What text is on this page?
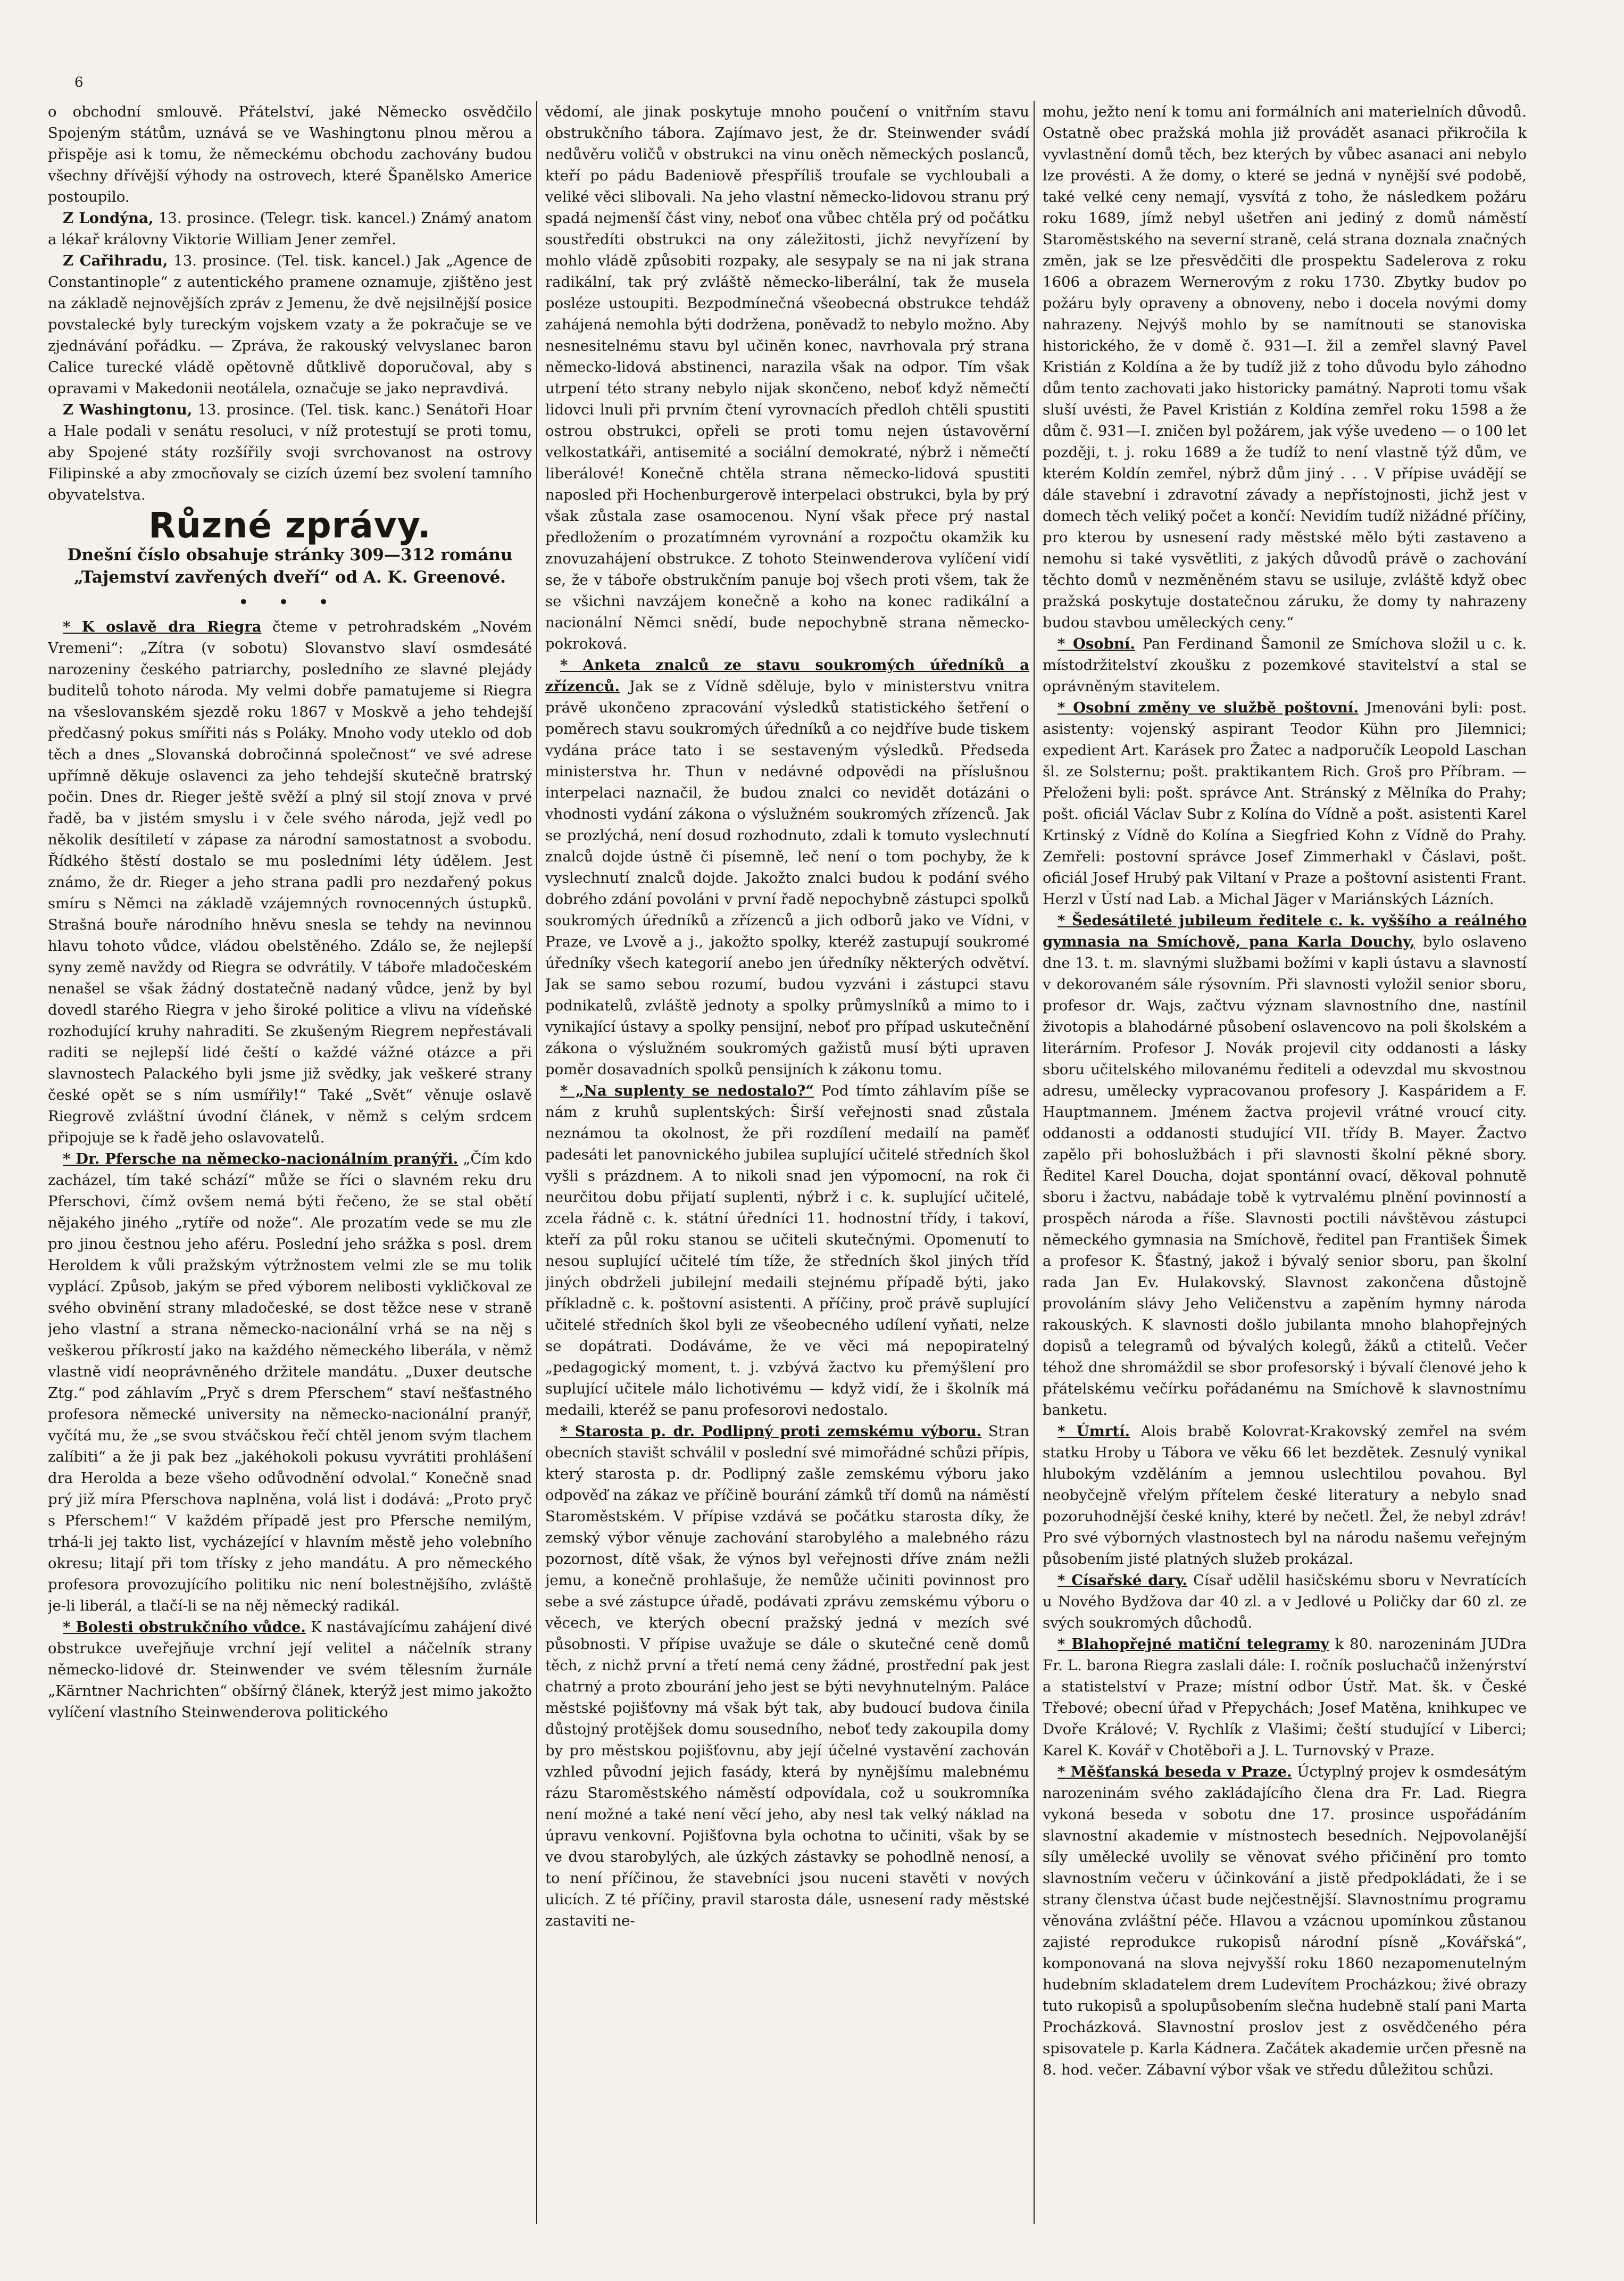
6

o obchodní smlouvě. Přátelství, jaké Německo osvědčilo Spojeným státům, uznává se ve Washingtonu plnou měrou a přispěje asi k tomu, že německému obchodu zachovány budou všechny dřívější výhody na ostrovech, které Španělsko Americe postoupilo.

Z Londýna, 13. prosince. (Telegr. tisk. kancel.) Známý anatom a lékař královny Viktorie William Jener zemřel.

Z Cařihradu, 13. prosince. (Tel. tisk. kancel.) Jak „Agence de Constantinople“ z autentického pramene oznamuje, zjištěno jest na základě nejnovějších zpráv z Jemenu, že dvě nejsilnější posice povstalecké byly tureckým vojskem vzaty a že pokračuje se ve zjednávání pořádku. — Zpráva, že rakouský velvyslanec baron Calice turecké vládě opětovně důtklivě doporučoval, aby s opravami v Makedonii neotálela, označuje se jako nepravdivá.

Z Washingtonu, 13. prosince. (Tel. tisk. kanc.) Senátoři Hoar a Hale podali v senátu resoluci, v níž protestují se proti tomu, aby Spojené státy rozšířily svoji svrchovanost na ostrovy Filipinské a aby zmocňovaly se cizích území bez svolení tamního obyvatelstva.

Různé zprávy.

Dnešní číslo obsahuje stránky 309—312 románu „Tajemství zavřených dveří“ od A. K. Greenové.

• • •

* K oslavě dra Riegra čteme v petrohradském „Novém Vremeni“: „Zítra (v sobotu) Slovanstvo slaví osmdesáté narozeniny českého patriarchy, posledního ze slavné plejády buditelů tohoto národa. My velmi dobře pamatujeme si Riegra na všeslovanském sjezdě roku 1867 v Moskvě a jeho tehdejší předčasný pokus smířiti nás s Poláky. Mnoho vody uteklo od dob těch a dnes „Slovanská dobročinná společnost“ ve své adrese upřímně děkuje oslavenci za jeho tehdejší skutečně bratrský počin. Dnes dr. Rieger ještě svěží a plný sil stojí znova v prvé řadě, ba v jistém smyslu i v čele svého národa, jejž vedl po několik desítiletí v zápase za národní samostatnost a svobodu. Řídkého štěstí dostalo se mu posledními léty údělem. Jest známo, že dr. Rieger a jeho strana padli pro nezdařený pokus smíru s Němci na základě vzájemných rovnocenných ústupků. Strašná bouře národního hněvu snesla se tehdy na nevinnou hlavu tohoto vůdce, vládou obelstěného. Zdálo se, že nejlepší syny země navždy od Riegra se odvrátily. V táboře mladočeském nenašel se však žádný dostatečně nadaný vůdce, jenž by byl dovedl starého Riegra v jeho široké politice a vlivu na vídeňské rozhodující kruhy nahraditi. Se zkušeným Riegrem nepřestávali raditi se nejlepší lidé čeští o každé vážné otázce a při slavnostech Palackého byli jsme již svědky, jak veškeré strany české opět se s ním usmířily!“ Také „Svět“ věnuje oslavě Riegrově zvláštní úvodní článek, v němž s celým srdcem připojuje se k řadě jeho oslavovatelů.

* Dr. Pfersche na německo-nacionálním pranýři. „Čím kdo zacházel, tím také schází“ může se říci o slavném reku dru Pferschovi, čímž ovšem nemá býti řečeno, že se stal obětí nějakého jiného „rytíře od nože“. Ale prozatím vede se mu zle pro jinou čestnou jeho aféru. Poslední jeho srážka s posl. drem Heroldem k vůli pražským výtržnostem velmi zle se mu tolik vyplácí. Způsob, jakým se před výborem nelibosti vykličkoval ze svého obvinění strany mladočeské, se dost těžce nese v straně jeho vlastní a strana německo-nacionální vrhá se na něj s veškerou příkrostí jako na každého německého liberála, v němž vlastně vidí neoprávněného držitele mandátu. „Duxer deutsche Ztg.“ pod záhlavím „Pryč s drem Pferschem“ staví nešťastného profesora německé university na německo-nacionální pranýř, vyčítá mu, že „se svou stváčskou řečí chtěl jenom svým tlachem zalíbiti“ a že ji pak bez „jakéhokoli pokusu vyvrátiti prohlášení dra Herolda a beze všeho odůvodnění odvolal.“ Konečně snad prý již míra Pferschova naplněna, volá list i dodává: „Proto pryč s Pferschem!“ V každém případě jest pro Pfersche nemilým, trhá-li jej takto list, vycházející v hlavním městě jeho volebního okresu; litají při tom třísky z jeho mandátu. A pro německého profesora provozujícího politiku nic není bolestnějšího, zvláště je-li liberál, a tlačí-li se na něj německý radikál.

* Bolesti obstrukčního vůdce. K nastávajícímu zahájení divé obstrukce uveřejňuje vrchní její velitel a náčelník strany německo-lidové dr. Steinwender ve svém tělesním žurnále „Kärntner Nachrichten“ obšírný článek, kterýž jest mimo jakožto vylíčení vlastního Steinwenderova politického

vědomí, ale jinak poskytuje mnoho poučení o vnitřním stavu obstrukčního tábora. Zajímavo jest, že dr. Steinwender svádí nedůvěru voličů v obstrukci na vinu oněch německých poslanců, kteří po pádu Badeniově přespříliš troufale se vychloubali a veliké věci slibovali. Na jeho vlastní německo-lidovou stranu prý spadá nejmenší část viny, neboť ona vůbec chtěla prý od počátku soustředíti obstrukci na ony záležitosti, jichž nevyřízení by mohlo vládě způsobiti rozpaky, ale sesypaly se na ni jak strana radikální, tak prý zvláště německo-liberální, tak že musela posléze ustoupiti. Bezpodmínečná všeobecná obstrukce tehdáž zahájená nemohla býti dodržena, poněvadž to nebylo možno. Aby nesnesitelnému stavu byl učiněn konec, navrhovala prý strana německo-lidová abstinenci, narazila však na odpor. Tím však utrpení této strany nebylo nijak skončeno, neboť když němečtí lidovci lnuli při prvním čtení vyrovnacích předloh chtěli spustiti ostrou obstrukci, opřeli se proti tomu nejen ústavověrní velkostatkáři, antisemité a sociální demokraté, nýbrž i němečtí liberálové! Konečně chtěla strana německo-lidová spustiti naposled při Hochenburgerově interpelaci obstrukci, byla by prý však zůstala zase osamocenou. Nyní však přece prý nastal předložením o prozatímném vyrovnání a rozpočtu okamžik ku znovuzahájení obstrukce. Z tohoto Steinwenderova vylíčení vidí se, že v táboře obstrukčním panuje boj všech proti všem, tak že se všichni navzájem konečně a koho na konec radikální a nacionální Němci snědí, bude nepochybně strana německo-pokroková.

* Anketa znalců ze stavu soukromých úředníků a zřízenců. Jak se z Vídně sděluje, bylo v ministerstvu vnitra právě ukončeno zpracování výsledků statistického šetření o poměrech stavu soukromých úředníků a co nejdříve bude tiskem vydána práce tato i se sestaveným výsledků. Předseda ministerstva hr. Thun v nedávné odpovědi na příslušnou interpelaci naznačil, že budou znalci co nevidět dotázáni o vhodnosti vydání zákona o výslužném soukromých zřízenců. Jak se prozlýchá, není dosud rozhodnuto, zdali k tomuto vyslechnutí znalců dojde ústně či písemně, leč není o tom pochyby, že k vyslechnutí znalců dojde. Jakožto znalci budou k podání svého dobrého zdání povoláni v první řadě nepochybně zástupci spolků soukromých úředníků a zřízenců a jich odborů jako ve Vídni, v Praze, ve Lvově a j., jakožto spolky, kteréž zastupují soukromé úředníky všech kategorií anebo jen úředníky některých odvětví. Jak se samo sebou rozumí, budou vyzváni i zástupci stavu podnikatelů, zvláště jednoty a spolky průmyslníků a mimo to i vynikající ústavy a spolky pensijní, neboť pro případ uskutečnění zákona o výslužném soukromých gažistů musí býti upraven poměr dosavadních spolků pensijních k zákonu tomu.

* „Na suplenty se nedostalo?“ Pod tímto záhlavím píše se nám z kruhů suplentských: Širší veřejnosti snad zůstala neznámou ta okolnost, že při rozdílení medailí na paměť padesáti let panovnického jubilea suplující učitelé středních škol vyšli s prázdnem. A to nikoli snad jen výpomocní, na rok či neurčitou dobu přijatí suplenti, nýbrž i c. k. suplující učitelé, zcela řádně c. k. státní úředníci 11. hodnostní třídy, i takoví, kteří za půl roku stanou se učiteli skutečnými. Opomenutí to nesou suplující učitelé tím tíže, že středních škol jiných tříd jiných obdrželi jubilejní medaili stejnému případě býti, jako příkladně c. k. poštovní asistenti. A příčiny, proč právě suplující učitelé středních škol byli ze všeobecného udílení vyňati, nelze se dopátrati. Dodáváme, že ve věci má nepopiratelný „pedagogický moment, t. j. vzbývá žactvo ku přemýšlení pro suplující učitele málo lichotivému — když vidí, že i školník má medaili, kteréž se panu profesorovi nedostalo.

* Starosta p. dr. Podlipný proti zemskému výboru. Stran obecních stavišt schválil v poslední své mimořádné schůzi přípis, který starosta p. dr. Podlipný zašle zemskému výboru jako odpověď na zákaz ve příčině bourání zámků tří domů na náměstí Staroměstském. V přípise vzdává se počátku starosta díky, že zemský výbor věnuje zachování starobylého a malebného rázu pozornost, dítě však, že výnos byl veřejnosti dříve znám nežli jemu, a konečně prohlašuje, že nemůže učiniti povinnost pro sebe a své zástupce úřadě, podávati zprávu zemskému výboru o věcech, ve kterých obecní pražský jedná v mezích své působnosti. V přípise uvažuje se dále o skutečné ceně domů těch, z nichž první a třetí nemá ceny žádné, prostřední pak jest chatrný a proto zbourání jeho jest se býti nevyhnutelným. Paláce městské pojišťovny má však být tak, aby budoucí budova činila důstojný protějšek domu sousedního, neboť tedy zakoupila domy by pro městskou pojišťovnu, aby její účelné vystavění zachován vzhled původní jejich fasády, která by nynějšímu malebnému rázu Staroměstského náměstí odpovídala, což u soukromníka není možné a také není věcí jeho, aby nesl tak velký náklad na úpravu venkovní. Pojišťovna byla ochotna to učiniti, však by se ve dvou starobylých, ale úzkých zástavky se pohodlně nenosí, a to není příčinou, že stavebníci jsou nuceni stavěti v nových ulicích. Z té příčiny, pravil starosta dále, usnesení rady městské zastaviti ne-

mohu, ježto není k tomu ani formálních ani materielních důvodů. Ostatně obec pražská mohla již provádět asanaci přikročila k vyvlastnění domů těch, bez kterých by vůbec asanaci ani nebylo lze provésti. A že domy, o které se jedná v nynější své podobě, také velké ceny nemají, vysvítá z toho, že následkem požáru roku 1689, jímž nebyl ušetřen ani jediný z domů náměstí Staroměstského na severní straně, celá strana doznala značných změn, jak se lze přesvědčiti dle prospektu Sadelerova z roku 1606 a obrazem Wernerovým z roku 1730. Zbytky budov po požáru byly opraveny a obnoveny, nebo i docela novými domy nahrazeny. Nejvýš mohlo by se namítnouti se stanoviska historického, že v domě č. 931—I. žil a zemřel slavný Pavel Kristián z Koldína a že by tudíž již z toho důvodu bylo záhodno dům tento zachovati jako historicky památný. Naproti tomu však sluší uvésti, že Pavel Kristián z Koldína zemřel roku 1598 a že dům č. 931—I. zničen byl požárem, jak výše uvedeno — o 100 let později, t. j. roku 1689 a že tudíž to není vlastně týž dům, ve kterém Koldín zemřel, nýbrž dům jiný . . . V přípise uvádějí se dále stavební i zdravotní závady a nepřístojnosti, jichž jest v domech těch veliký počet a končí: Nevidím tudíž nižádné příčiny, pro kterou by usnesení rady městské mělo býti zastaveno a nemohu si také vysvětliti, z jakých důvodů právě o zachování těchto domů v nezměněném stavu se usiluje, zvláště když obec pražská poskytuje dostatečnou záruku, že domy ty nahrazeny budou stavbou uměleckých ceny.“

* Osobní. Pan Ferdinand Šamonil ze Smíchova složil u c. k. místodržitelství zkoušku z pozemkové stavitelství a stal se oprávněným stavitelem.

* Osobní změny ve službě poštovní. Jmenováni byli: post. asistenty: vojenský aspirant Teodor Kühn pro Jilemnici; expedient Art. Karásek pro Žatec a nadporučík Leopold Laschan šl. ze Solsternu; pošt. praktikantem Rich. Groš pro Příbram. — Přeloženi byli: pošt. správce Ant. Stránský z Mělníka do Prahy; pošt. oficiál Václav Subr z Kolína do Vídně a pošt. asistenti Karel Krtinský z Vídně do Kolína a Siegfried Kohn z Vídně do Prahy. Zemřeli: postovní správce Josef Zimmerhakl v Čáslavi, pošt. oficiál Josef Hrubý pak Viltaní v Praze a poštovní asistenti Frant. Herzl v Ústí nad Lab. a Michal Jäger v Mariánských Lázních.

* Šedesátileté jubileum ředitele c. k. vyššího a reálného gymnasia na Smíchově, pana Karla Douchy, bylo oslaveno dne 13. t. m. slavnými službami božími v kapli ústavu a slavností v dekorovaném sále rýsovním. Při slavnosti vyložil senior sboru, profesor dr. Wajs, začtvu význam slavnostního dne, nastínil životopis a blahodárné působení oslavencovo na poli školském a literárním. Profesor J. Novák projevil city oddanosti a lásky sboru učitelského milovanému řediteli a odevzdal mu skvostnou adresu, umělecky vypracovanou profesory J. Kaspáridem a F. Hauptmannem. Jménem žactva projevil vrátné vroucí city. oddanosti a oddanosti studující VII. třídy B. Mayer. Žactvo zapělo při bohoslužbách i při slavnosti školní pěkné sbory. Ředitel Karel Doucha, dojat spontánní ovací, děkoval pohnutě sboru i žactvu, nabádaje tobě k vytrvalému plnění povinností a prospěch národa a říše. Slavnosti poctili návštěvou zástupci německého gymnasia na Smíchově, ředitel pan František Šimek a profesor K. Šťastný, jakož i bývalý senior sboru, pan školní rada Jan Ev. Hulakovský. Slavnost zakončena důstojně provoláním slávy Jeho Veličenstvu a zapěním hymny národa rakouských. K slavnosti došlo jubilanta mnoho blahopřejných dopisů a telegramů od bývalých kolegů, žáků a ctitelů. Večer téhož dne shromáždil se sbor profesorský i bývalí členové jeho k přátelskému večírku pořádanému na Smíchově k slavnostnímu banketu.

* Úmrtí. Alois brabě Kolovrat-Krakovský zemřel na svém statku Hroby u Tábora ve věku 66 let bezdětek. Zesnulý vynikal hlubokým vzděláním a jemnou uslechtilou povahou. Byl neobyčejně vřelým přítelem české literatury a nebylo snad pozoruhodnější české knihy, které by nečetl. Žel, že nebyl zdráv! Pro své výborných vlastnostech byl na národu našemu veřejným působením jisté platných služeb prokázal.

* Císařské dary. Císař udělil hasičskému sboru v Nevratících u Nového Bydžova dar 40 zl. a v Jedlové u Poličky dar 60 zl. ze svých soukromých důchodů.

* Blahopřejné matiční telegramy k 80. narozeninám JUDra Fr. L. barona Riegra zaslali dále: I. ročník posluchačů inženýrství a statistelství v Praze; místní odbor Ústř. Mat. šk. v České Třebové; obecní úřad v Přepychách; Josef Matěna, knihkupec ve Dvoře Králové; V. Rychlík z Vlašimi; čeští studující v Liberci; Karel K. Kovář v Chotěboři a J. L. Turnovský v Praze.

* Měšťanská beseda v Praze. Úctyplný projev k osmdesátým narozeninám svého zakládajícího člena dra Fr. Lad. Riegra vykoná beseda v sobotu dne 17. prosince uspořádáním slavnostní akademie v místnostech besedních. Nejpovolanější síly umělecké uvolily se věnovat svého přičinění pro tomto slavnostním večeru v účinkování a jistě předpokládati, že i se strany členstva účast bude nejčestnější. Slavnostnímu programu věnována zvláštní péče. Hlavou a vzácnou upomínkou zůstanou zajisté reprodukce rukopisů národní písně „Kovářská“, komponovaná na slova nejvyšší roku 1860 nezapomenutelným hudebním skladatelem drem Ludevítem Procházkou; živé obrazy tuto rukopisů a spolupůsobením slečna hudebně stalí pani Marta Procházková. Slavnostní proslov jest z osvědčeného péra spisovatele p. Karla Kádnera. Začátek akademie určen přesně na 8. hod. večer. Zábavní výbor však ve středu důležitou schůzi.
